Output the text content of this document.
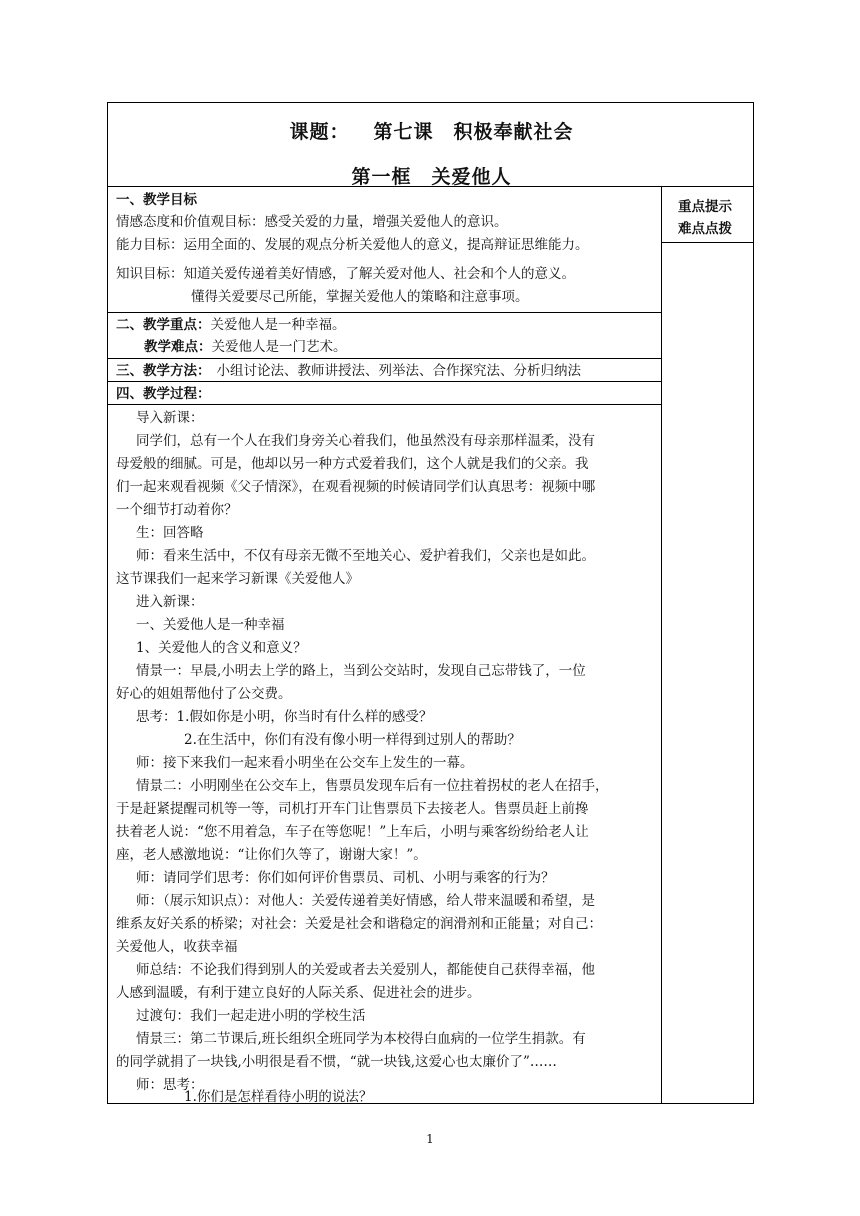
课题： 第七课　积极奉献社会
第一框　关爱他人
重点提示
难点点拨
一、教学目标
情感态度和价值观目标：感受关爱的力量，增强关爱他人的意识。
能力目标：运用全面的、发展的观点分析关爱他人的意义，提高辩证思维能力。
知识目标：知道关爱传递着美好情感，了解关爱对他人、社会和个人的意义。
懂得关爱要尽己所能，掌握关爱他人的策略和注意事项。
二、教学重点：关爱他人是一种幸福。
教学难点：关爱他人是一门艺术。
三、教学方法： 小组讨论法、教师讲授法、列举法、合作探究法、分析归纳法
四、教学过程：
导入新课：
同学们，总有一个人在我们身旁关心着我们，他虽然没有母亲那样温柔，没有
母爱般的细腻。可是，他却以另一种方式爱着我们，这个人就是我们的父亲。我
们一起来观看视频《父子情深》，在观看视频的时候请同学们认真思考：视频中哪
一个细节打动着你？
生：回答略
师：看来生活中，不仅有母亲无微不至地关心、爱护着我们，父亲也是如此。
这节课我们一起来学习新课《关爱他人》
进入新课：
一、关爱他人是一种幸福
1、关爱他人的含义和意义？
情景一：早晨,小明去上学的路上，当到公交站时，发现自己忘带钱了，一位
好心的姐姐帮他付了公交费。
思考：1.假如你是小明，你当时有什么样的感受？
2.在生活中，你们有没有像小明一样得到过别人的帮助？
师：接下来我们一起来看小明坐在公交车上发生的一幕。
情景二：小明刚坐在公交车上，售票员发现车后有一位拄着拐杖的老人在招手，
于是赶紧提醒司机等一等，司机打开车门让售票员下去接老人。售票员赶上前搀
扶着老人说：“您不用着急，车子在等您呢！”上车后，小明与乘客纷纷给老人让
座，老人感激地说：“让你们久等了，谢谢大家！”。
师：请同学们思考：你们如何评价售票员、司机、小明与乘客的行为？
师：（展示知识点）：对他人：关爱传递着美好情感，给人带来温暖和希望，是
维系友好关系的桥梁；对社会：关爱是社会和谐稳定的润滑剂和正能量；对自己：
关爱他人，收获幸福
师总结：不论我们得到别人的关爱或者去关爱别人，都能使自己获得幸福，他
人感到温暖，有利于建立良好的人际关系、促进社会的进步。
过渡句：我们一起走进小明的学校生活
情景三：第二节课后,班长组织全班同学为本校得白血病的一位学生捐款。有
的同学就捐了一块钱,小明很是看不惯，“就一块钱,这爱心也太廉价了”……
师：思考：
1.你们是怎样看待小明的说法？
1
